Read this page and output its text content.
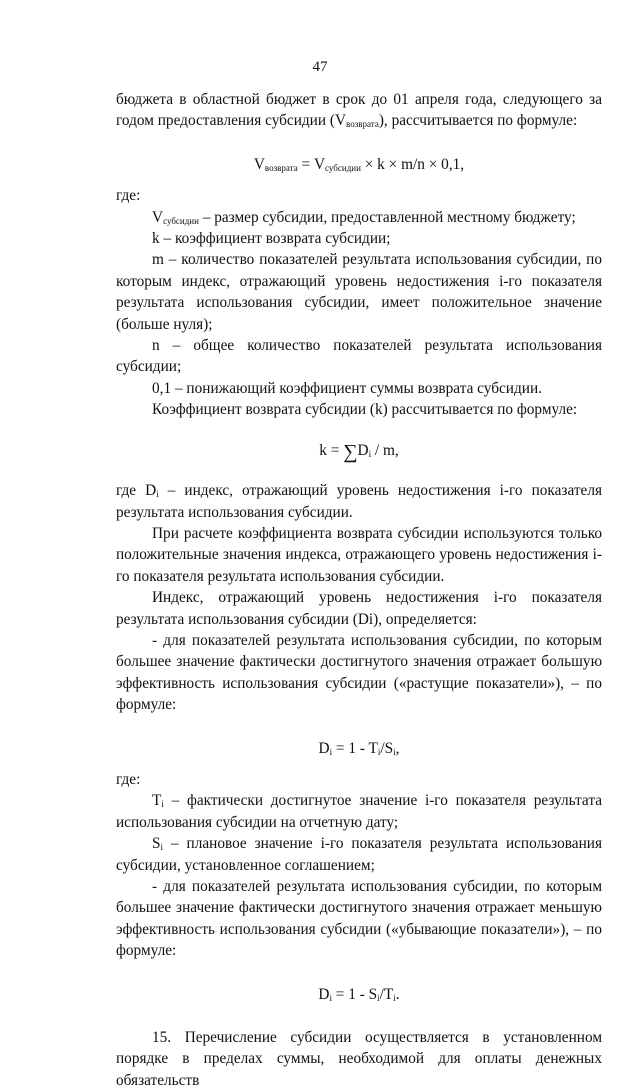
47

бюджета в областной бюджет в срок до 01 апреля года, следующего за годом предоставления субсидии $(V_{возврата})$, рассчитывается по формуле:

$V_{возврата} = V_{субсидии} \times k \times m/n \times 0,1$,

где:

$V_{субсидии}$ – размер субсидии, предоставленной местному бюджету;

k – коэффициент возврата субсидии;

m – количество показателей результата использования субсидии, по которым индекс, отражающий уровень недостижения i-го показателя результата использования субсидии, имеет положительное значение (больше нуля);

n – общее количество показателей результата использования субсидии;

0,1 – понижающий коэффициент суммы возврата субсидии.

Коэффициент возврата субсидии (k) рассчитывается по формуле:

$k = \sum D_i / m$,

где $D_i$ – индекс, отражающий уровень недостижения i-го показателя результата использования субсидии.

При расчете коэффициента возврата субсидии используются только положительные значения индекса, отражающего уровень недостижения i-го показателя результата использования субсидии.

Индекс, отражающий уровень недостижения i-го показателя результата использования субсидии (Di), определяется:

- для показателей результата использования субсидии, по которым большее значение фактически достигнутого значения отражает большую эффективность использования субсидии («растущие показатели»), – по формуле:

$D_i = 1 - T_i/S_i$,

где:

$T_i$ – фактически достигнутое значение i-го показателя результата использования субсидии на отчетную дату;

$S_i$ – плановое значение i-го показателя результата использования субсидии, установленное соглашением;

- для показателей результата использования субсидии, по которым большее значение фактически достигнутого значения отражает меньшую эффективность использования субсидии («убывающие показатели»), – по формуле:

$D_i = 1 - S_i/T_i$.

15. Перечисление субсидии осуществляется в установленном порядке в пределах суммы, необходимой для оплаты денежных обязательств
